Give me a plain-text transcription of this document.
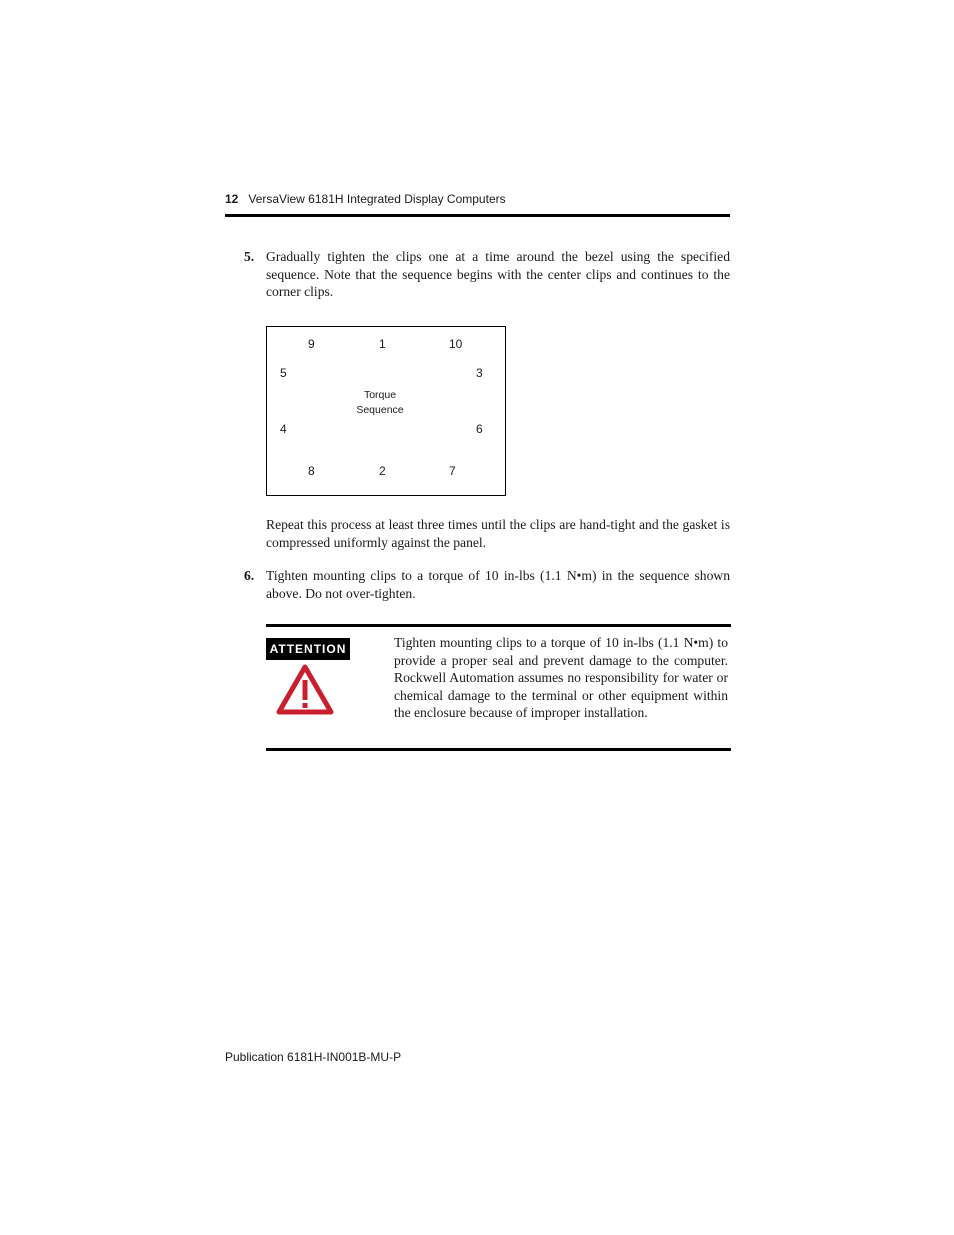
12 VersaView 6181H Integrated Display Computers
5. Gradually tighten the clips one at a time around the bezel using the specified sequence. Note that the sequence begins with the center clips and continues to the corner clips.
9	1	10
5	3
Torque
Sequence
4	6
8	2	7
Repeat this process at least three times until the clips are hand-tight and the gasket is compressed uniformly against the panel.
6. Tighten mounting clips to a torque of 10 in-lbs (1.1 N•m) in the sequence shown above. Do not over-tighten.
ATTENTION	Tighten mounting clips to a torque of 10 in-lbs (1.1 N•m) to provide a proper seal and prevent damage to the computer. Rockwell Automation assumes no responsibility for water or chemical damage to the terminal or other equipment within the enclosure because of improper installation.
Publication 6181H-IN001B-MU-P
